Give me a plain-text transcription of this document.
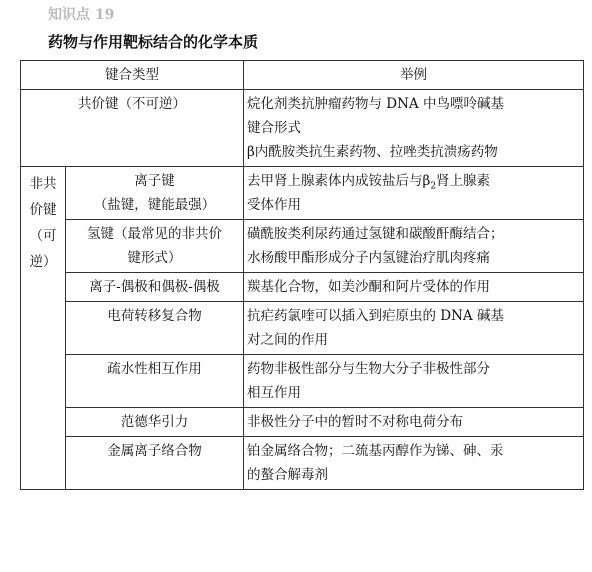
知识点 19
药物与作用靶标结合的化学本质
键合类型		举例
共价键（不可逆）		烷化剂类抗肿瘤药物与 DNA 中鸟嘌呤碱基
键合形式
β内酰胺类抗生素药物、拉唑类抗溃疡药物

非共价键（可逆）	离子键
（盐键，键能最强）	去甲肾上腺素体内成铵盐后与$\beta_2$肾上腺素
受体作用

	氢键（最常见的非共价
键形式）	磺酰胺类利尿药通过氢键和碳酸酐酶结合；
水杨酸甲酯形成分子内氢键治疗肌肉疼痛

	离子-偶极和偶极-偶极	羰基化合物，如美沙酮和阿片受体的作用

	电荷转移复合物	抗疟药氯喹可以插入到疟原虫的 DNA 碱基
对之间的作用

	疏水性相互作用	药物非极性部分与生物大分子非极性部分
相互作用

	范德华引力	非极性分子中的暂时不对称电荷分布

	金属离子络合物	铂金属络合物；二巯基丙醇作为锑、砷、汞
的螯合解毒剂
